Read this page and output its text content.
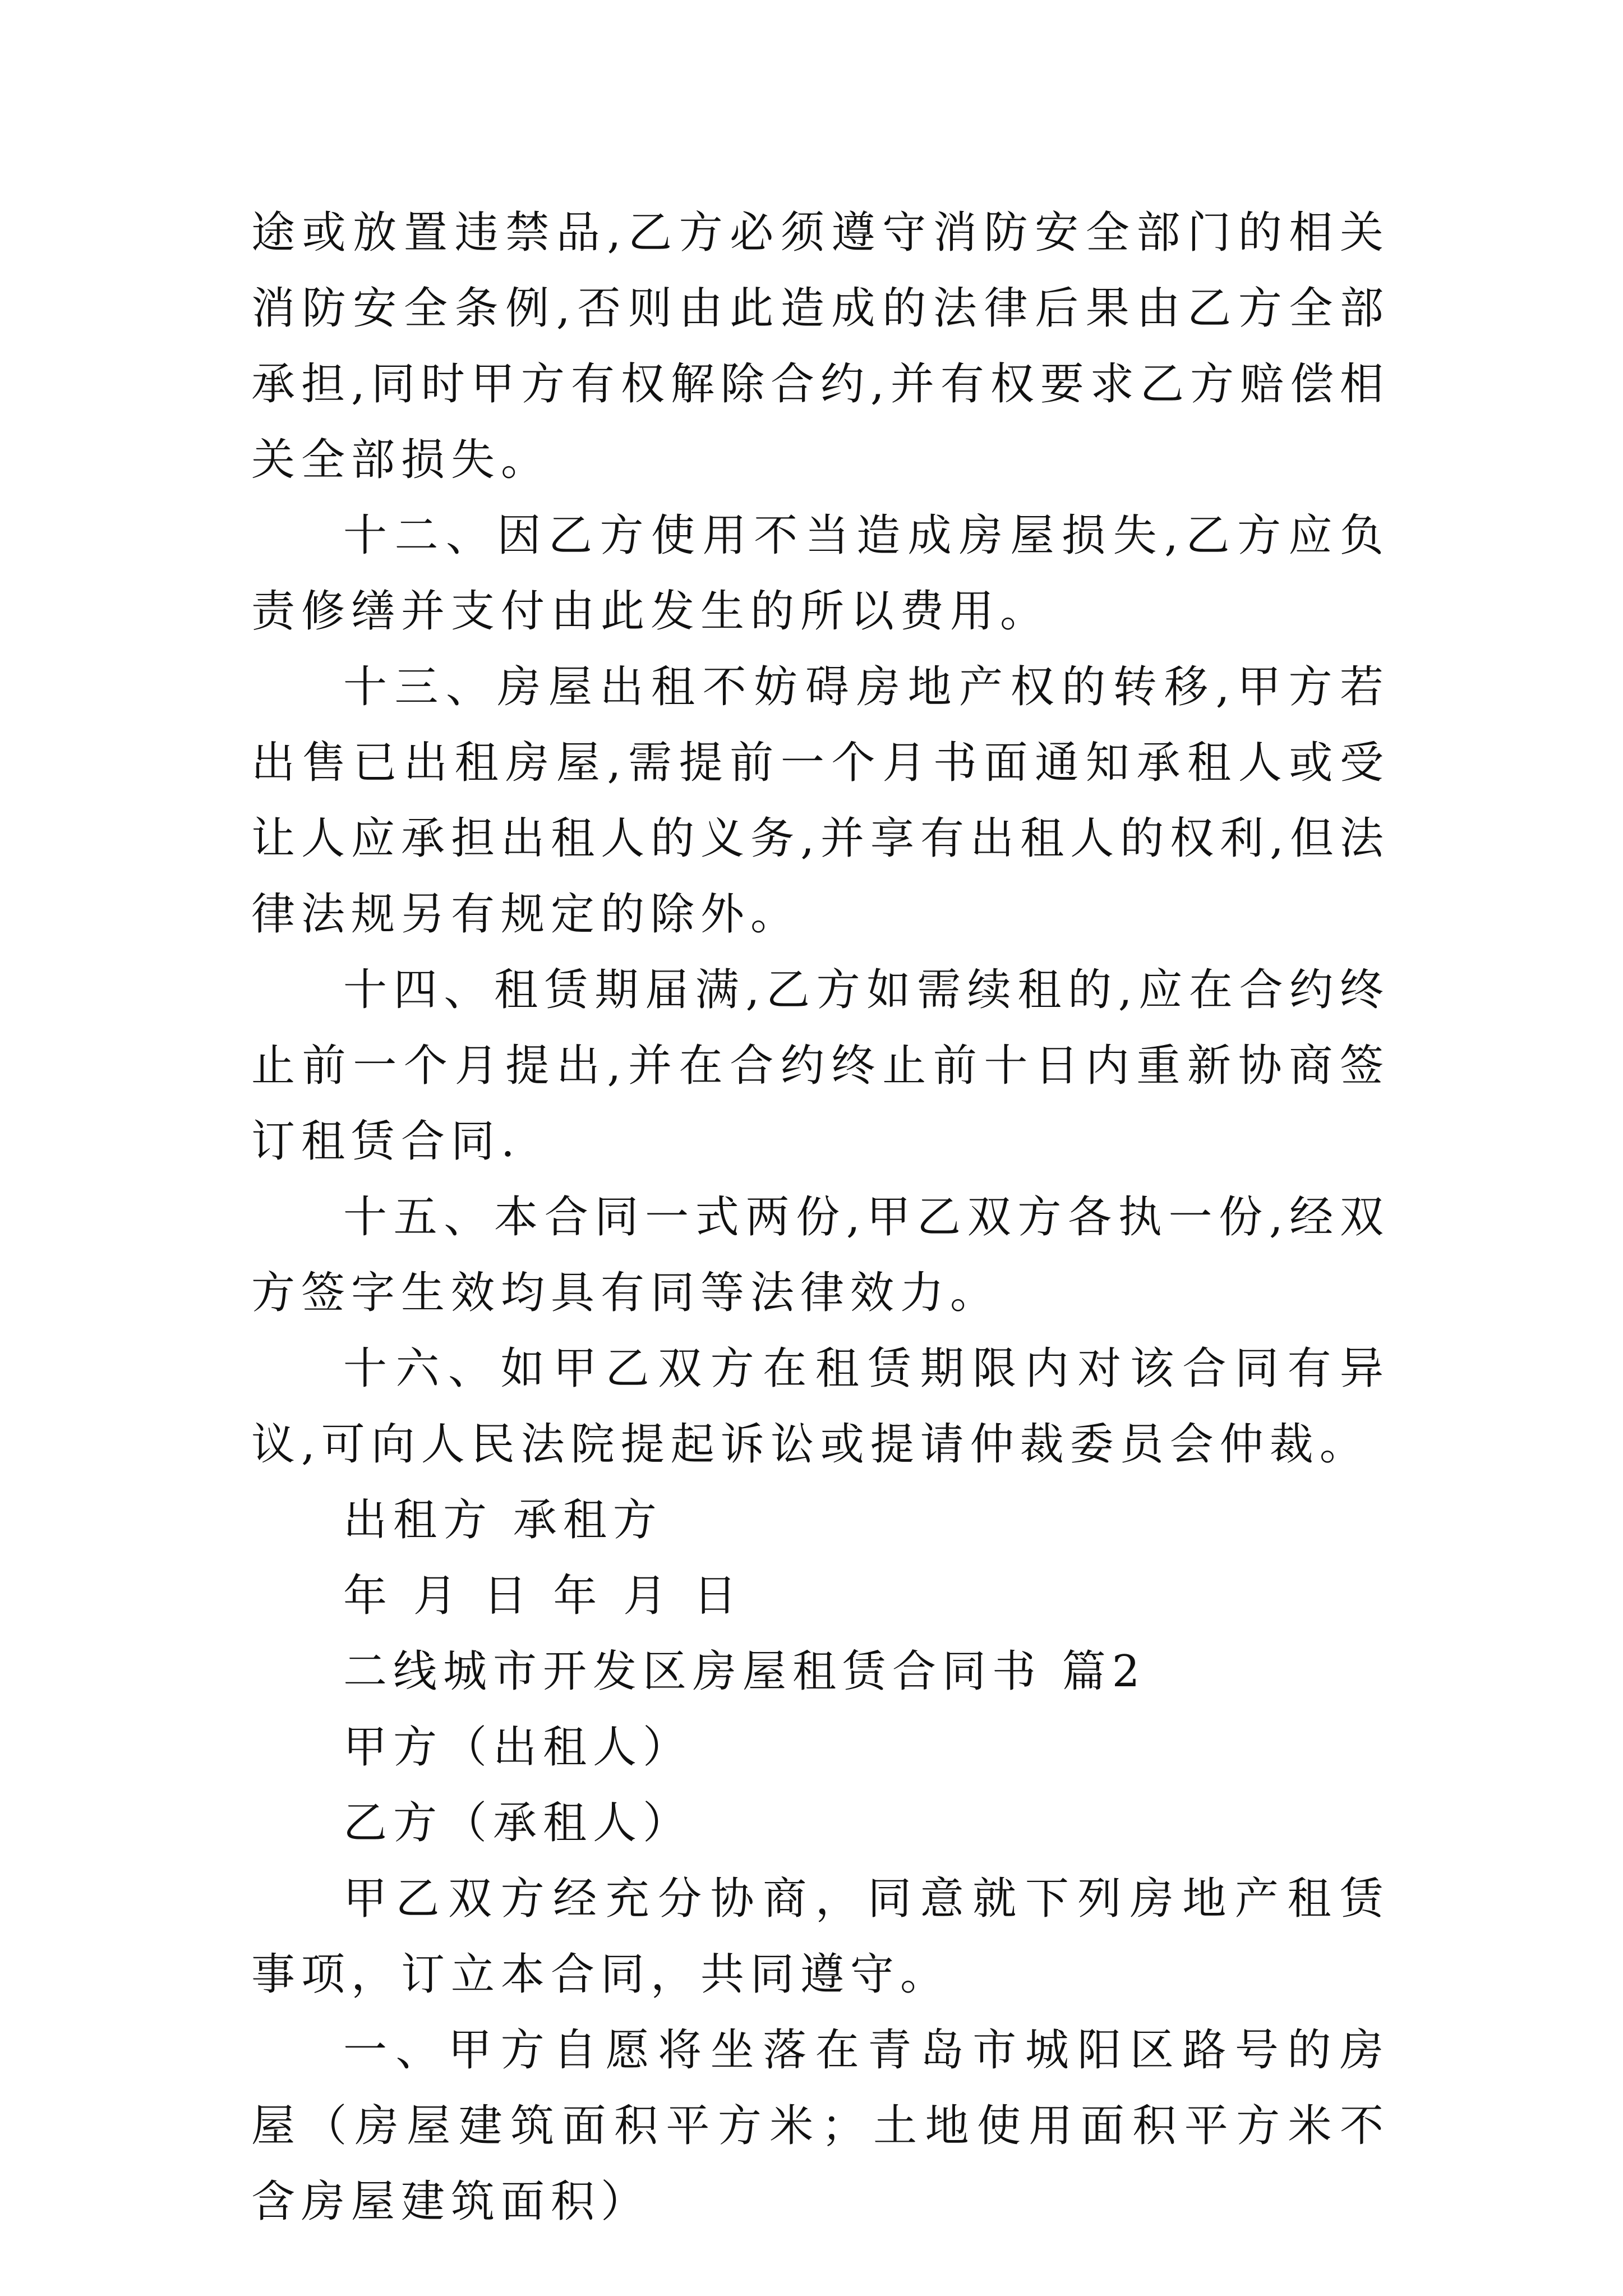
途或放置违禁品,乙方必须遵守消防安全部门的相关消防安全条例,否则由此造成的法律后果由乙方全部承担,同时甲方有权解除合约,并有权要求乙方赔偿相关全部损失。

十二、因乙方使用不当造成房屋损失,乙方应负责修缮并支付由此发生的所以费用。

十三、房屋出租不妨碍房地产权的转移,甲方若出售已出租房屋,需提前一个月书面通知承租人或受让人应承担出租人的义务,并享有出租人的权利,但法律法规另有规定的除外。

十四、租赁期届满,乙方如需续租的,应在合约终止前一个月提出,并在合约终止前十日内重新协商签订租赁合同.

十五、本合同一式两份,甲乙双方各执一份,经双方签字生效均具有同等法律效力。

十六、如甲乙双方在租赁期限内对该合同有异议,可向人民法院提起诉讼或提请仲裁委员会仲裁。

出租方 承租方

年 月 日 年 月 日

二线城市开发区房屋租赁合同书 篇2

甲方（出租人）

乙方（承租人）

甲乙双方经充分协商，同意就下列房地产租赁事项，订立本合同，共同遵守。

一、甲方自愿将坐落在青岛市城阳区路号的房屋（房屋建筑面积平方米；土地使用面积平方米不含房屋建筑面积）
